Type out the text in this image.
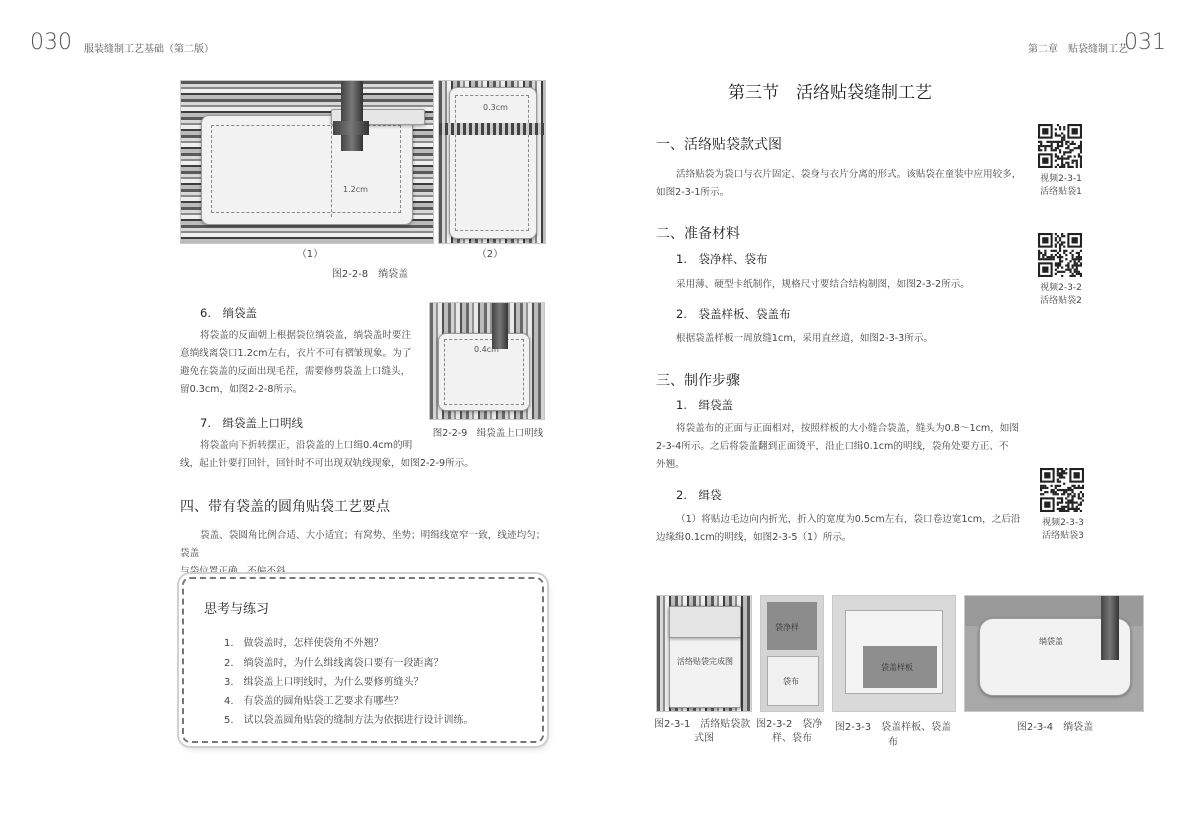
030 服装缝制工艺基础（第二版）	第二章　贴袋缝制工艺
031
1.2cm
（1）
0.3cm
（2）
图2-2-8　绱袋盖
6.　绱袋盖
将袋盖的反面朝上根据袋位绱袋盖，绱袋盖时要注
意绱线离袋口1.2cm左右，衣片不可有褶皱现象。为了
避免在袋盖的反面出现毛茬，需要修剪袋盖上口缝头，
留0.3cm，如图2-2-8所示。
0.4cm
图2-2-9　缉袋盖上口明线
7.　缉袋盖上口明线
将袋盖向下折转摆正，沿袋盖的上口缉0.4cm的明
线，起止针要打回针，回针时不可出现双轨线现象，如图2-2-9所示。
四、带有袋盖的圆角贴袋工艺要点
袋盖、袋圆角比例合适、大小适宜；有窝势、坐势；明缉线宽窄一致，线迹均匀；袋盖
与袋位置正确，不偏不斜。
思考与练习
1.　做袋盖时，怎样使袋角不外翘？
2.　绱袋盖时，为什么缉线离袋口要有一段距离？
3.　缉袋盖上口明线时，为什么要修剪缝头？
4.　有袋盖的圆角贴袋工艺要求有哪些？
5.　试以袋盖圆角贴袋的缝制方法为依据进行设计训练。
第三节　活络贴袋缝制工艺
一、活络贴袋款式图
活络贴袋为袋口与衣片固定、袋身与衣片分离的形式。该贴袋在童装中应用较多，
如图2-3-1所示。
二、准备材料
1.　袋净样、袋布
采用薄、硬型卡纸制作，规格尺寸要结合结构制图，如图2-3-2所示。
2.　袋盖样板、袋盖布
根据袋盖样板一周放缝1cm，采用直丝道，如图2-3-3所示。
三、制作步骤
1.　缉袋盖
将袋盖布的正面与正面相对，按照样板的大小缝合袋盖，缝头为0.8～1cm，如图
2-3-4所示。之后将袋盖翻到正面烫平，沿止口缉0.1cm的明线，袋角处要方正、不
外翘。
2.　缉袋
（1）将贴边毛边向内折光，折入的宽度为0.5cm左右，袋口卷边宽1cm，之后沿
边缘缉0.1cm的明线，如图2-3-5（1）所示。
视频2-3-1
活络贴袋1
视频2-3-2
活络贴袋2
视频2-3-3
活络贴袋3
活络贴袋完成图
图2-3-1　活络贴袋款
式图
袋净样
袋布
图2-3-2　袋净
样、袋布
袋盖样板
图2-3-3　袋盖样板、袋盖布
绱袋盖
图2-3-4　绱袋盖
